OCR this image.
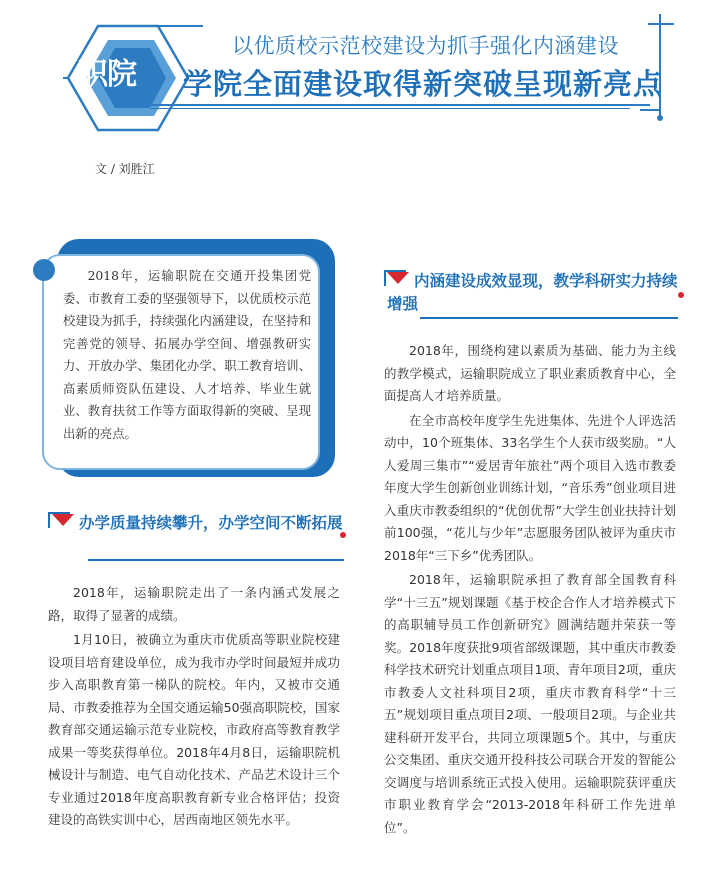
职院
以优质校示范校建设为抓手强化内涵建设
学院全面建设取得新突破呈现新亮点
文 / 刘胜江

2018年，运输职院在交通开投集团党委、市教育工委的坚强领导下，以优质校示范校建设为抓手，持续强化内涵建设，在坚持和完善党的领导、拓展办学空间、增强教研实力、开放办学、集团化办学、职工教育培训、高素质师资队伍建设、人才培养、毕业生就业、教育扶贫工作等方面取得新的突破、呈现出新的亮点。

办学质量持续攀升，办学空间不断拓展

2018年，运输职院走出了一条内涵式发展之路，取得了显著的成绩。

1月10日，被确立为重庆市优质高等职业院校建设项目培育建设单位，成为我市办学时间最短并成功步入高职教育第一梯队的院校。年内，又被市交通局、市教委推荐为全国交通运输50强高职院校，国家教育部交通运输示范专业院校，市政府高等教育教学成果一等奖获得单位。2018年4月8日，运输职院机械设计与制造、电气自动化技术、产品艺术设计三个专业通过2018年度高职教育新专业合格评估；投资建设的高铁实训中心，居西南地区领先水平。

内涵建设成效显现，教学科研实力持续增强

2018年，围绕构建以素质为基础、能力为主线的教学模式，运输职院成立了职业素质教育中心，全面提高人才培养质量。

在全市高校年度学生先进集体、先进个人评选活动中，10个班集体、33名学生个人获市级奖励。“人人爱周三集市”“爱居青年旅社”两个项目入选市教委年度大学生创新创业训练计划，“音乐秀”创业项目进入重庆市教委组织的“优创优帮”大学生创业扶持计划前100强，“花儿与少年”志愿服务团队被评为重庆市2018年“三下乡”优秀团队。

2018年，运输职院承担了教育部全国教育科学“十三五”规划课题《基于校企合作人才培养模式下的高职辅导员工作创新研究》圆满结题并荣获一等奖。2018年度获批9项省部级课题，其中重庆市教委科学技术研究计划重点项目1项、青年项目2项，重庆市教委人文社科项目2项，重庆市教育科学“十三五”规划项目重点项目2项、一般项目2项。与企业共建科研开发平台，共同立项课题5个。其中，与重庆公交集团、重庆交通开投科技公司联合开发的智能公交调度与培训系统正式投入使用。运输职院获评重庆市职业教育学会“2013-2018年科研工作先进单位”。
